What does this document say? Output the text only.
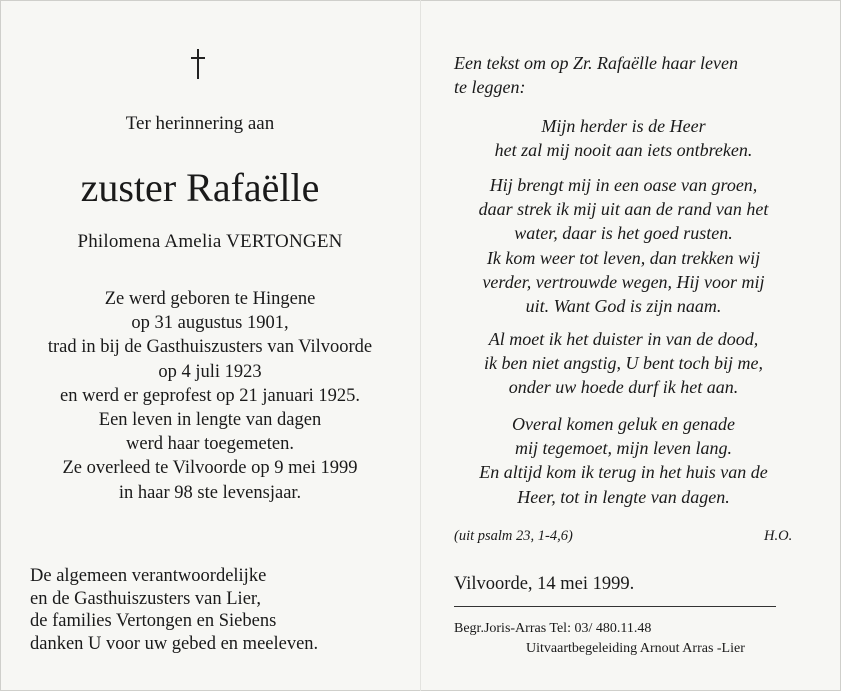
Ter herinnering aan
zuster Rafaëlle
Philomena Amelia VERTONGEN
Ze werd geboren te Hingene
op 31 augustus 1901,
trad in bij de Gasthuiszusters van Vilvoorde
op 4 juli 1923
en werd er geprofest op 21 januari 1925.
Een leven in lengte van dagen
werd haar toegemeten.
Ze overleed te Vilvoorde op 9 mei 1999
in haar 98 ste levensjaar.
De algemeen verantwoordelijke
en de Gasthuiszusters van Lier,
de families Vertongen en Siebens
danken U voor uw gebed en meeleven.
Een tekst om op Zr. Rafaëlle haar leven
te leggen:
Mijn herder is de Heer
het zal mij nooit aan iets ontbreken.
Hij brengt mij in een oase van groen,
daar strek ik mij uit aan de rand van het
water, daar is het goed rusten.
Ik kom weer tot leven, dan trekken wij
verder, vertrouwde wegen, Hij voor mij
uit. Want God is zijn naam.
Al moet ik het duister in van de dood,
ik ben niet angstig, U bent toch bij me,
onder uw hoede durf ik het aan.
Overal komen geluk en genade
mij tegemoet, mijn leven lang.
En altijd kom ik terug in het huis van de
Heer, tot in lengte van dagen.
(uit psalm 23, 1-4,6)	H.O.
Vilvoorde, 14 mei 1999.
Begr.Joris-Arras Tel: 03/ 480.11.48
Uitvaartbegeleiding Arnout Arras -Lier
